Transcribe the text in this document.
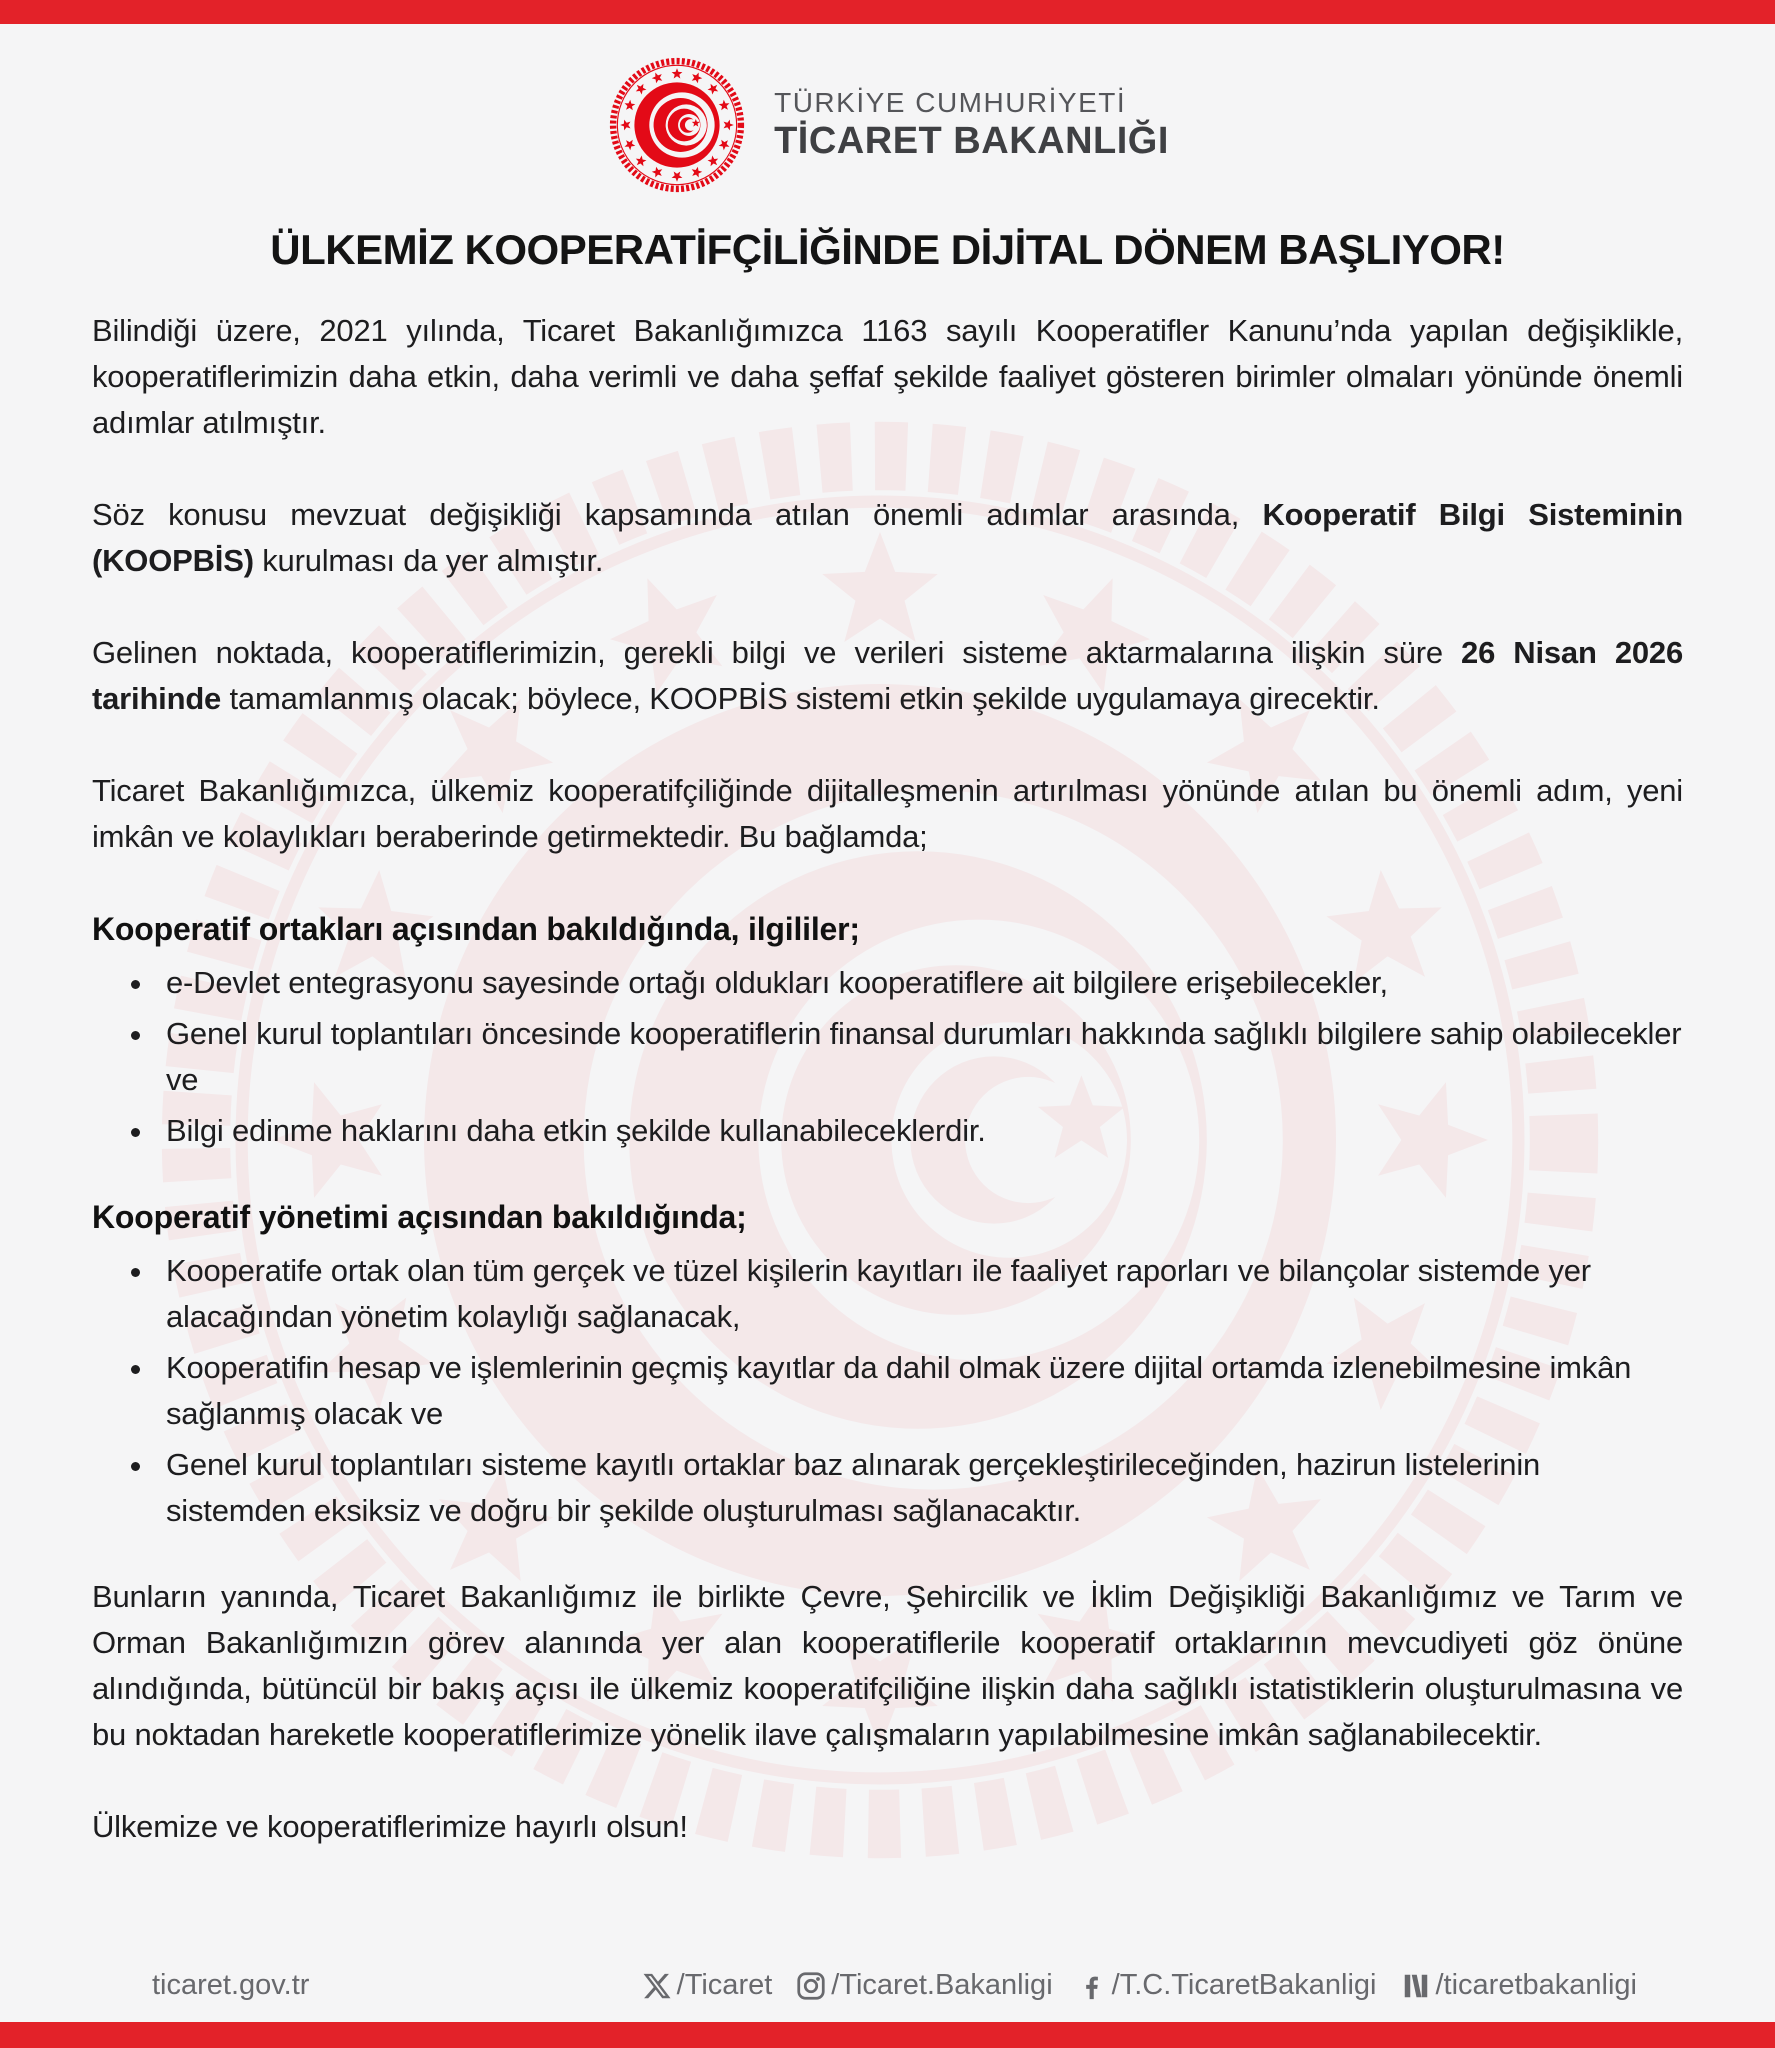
TÜRKİYE CUMHURİYETİ
TİCARET BAKANLIĞI
ÜLKEMİZ KOOPERATİFÇİLİĞİNDE DİJİTAL DÖNEM BAŞLIYOR!

Bilindiği üzere, 2021 yılında, Ticaret Bakanlığımızca 1163 sayılı Kooperatifler Kanunu’nda yapılan değişiklikle, kooperatiflerimizin daha etkin, daha verimli ve daha şeffaf şekilde faaliyet gösteren birimler olmaları yönünde önemli adımlar atılmıştır.

Söz konusu mevzuat değişikliği kapsamında atılan önemli adımlar arasında, Kooperatif Bilgi Sisteminin (KOOPBİS) kurulması da yer almıştır.

Gelinen noktada, kooperatiflerimizin, gerekli bilgi ve verileri sisteme aktarmalarına ilişkin süre 26 Nisan 2026 tarihinde tamamlanmış olacak; böylece, KOOPBİS sistemi etkin şekilde uygulamaya girecektir.

Ticaret Bakanlığımızca, ülkemiz kooperatifçiliğinde dijitalleşmenin artırılması yönünde atılan bu önemli adım, yeni imkân ve kolaylıkları beraberinde getirmektedir. Bu bağlamda;

Kooperatif ortakları açısından bakıldığında, ilgililer;
• e-Devlet entegrasyonu sayesinde ortağı oldukları kooperatiflere ait bilgilere erişebilecekler,
• Genel kurul toplantıları öncesinde kooperatiflerin finansal durumları hakkında sağlıklı bilgilere sahip olabilecekler ve
• Bilgi edinme haklarını daha etkin şekilde kullanabileceklerdir.
Kooperatif yönetimi açısından bakıldığında;
• Kooperatife ortak olan tüm gerçek ve tüzel kişilerin kayıtları ile faaliyet raporları ve bilançolar sistemde yer alacağından yönetim kolaylığı sağlanacak,
• Kooperatifin hesap ve işlemlerinin geçmiş kayıtlar da dahil olmak üzere dijital ortamda izlenebilmesine imkân sağlanmış olacak ve
• Genel kurul toplantıları sisteme kayıtlı ortaklar baz alınarak gerçekleştirileceğinden, hazirun listelerinin sistemden eksiksiz ve doğru bir şekilde oluşturulması sağlanacaktır.

Bunların yanında, Ticaret Bakanlığımız ile birlikte Çevre, Şehircilik ve İklim Değişikliği Bakanlığımız ve Tarım ve Orman Bakanlığımızın görev alanında yer alan kooperatiflerile kooperatif ortaklarının mevcudiyeti göz önüne alındığında, bütüncül bir bakış açısı ile ülkemiz kooperatifçiliğine ilişkin daha sağlıklı istatistiklerin oluşturulmasına ve bu noktadan hareketle kooperatiflerimize yönelik ilave çalışmaların yapılabilmesine imkân sağlanabilecektir.

Ülkemize ve kooperatiflerimize hayırlı olsun!

ticaret.gov.tr	/Ticaret /Ticaret.Bakanligi /T.C.TicaretBakanligi /ticaretbakanligi
